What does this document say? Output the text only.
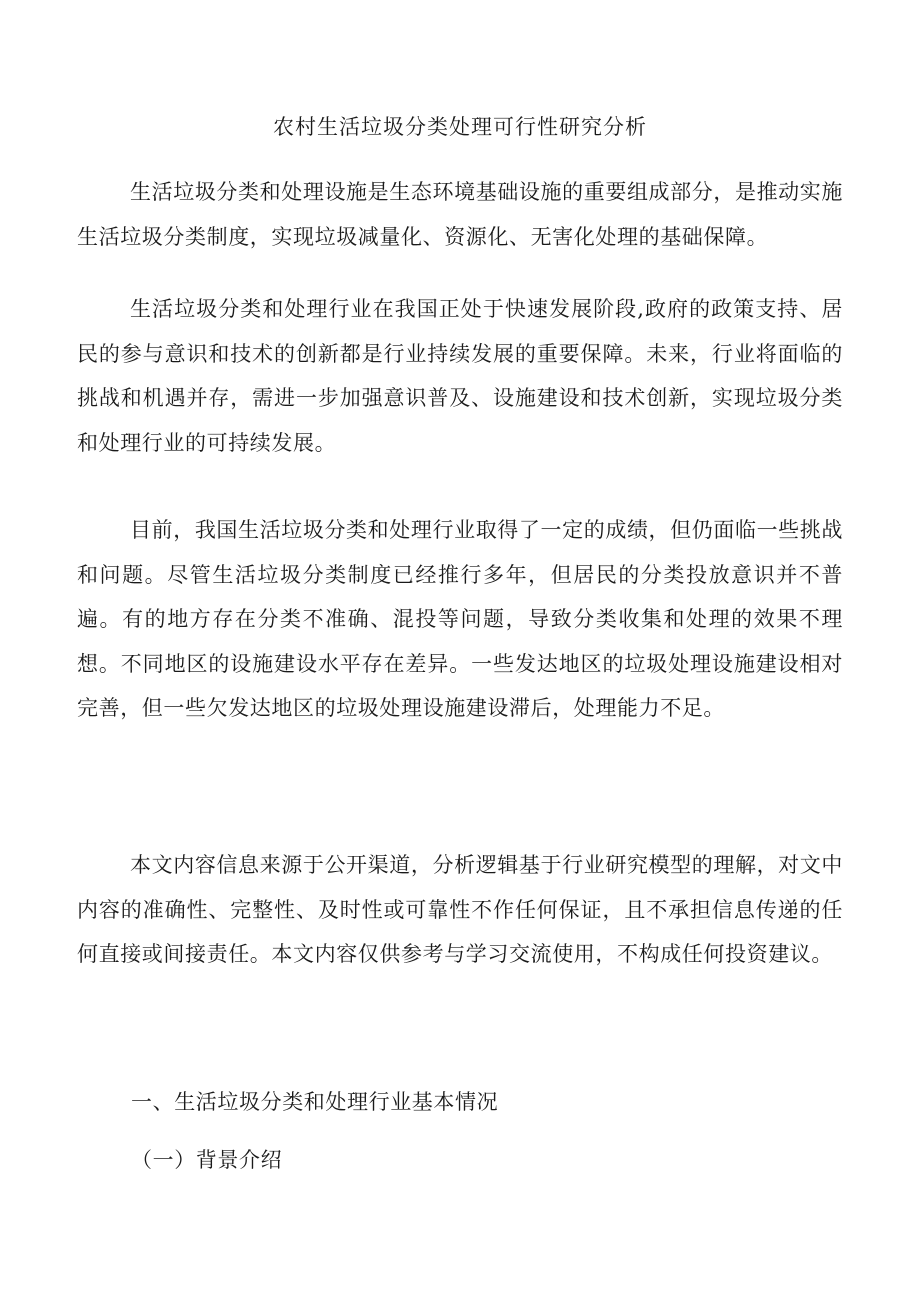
农村生活垃圾分类处理可行性研究分析

生活垃圾分类和处理设施是生态环境基础设施的重要组成部分，是推动实施生活垃圾分类制度，实现垃圾减量化、资源化、无害化处理的基础保障。

生活垃圾分类和处理行业在我国正处于快速发展阶段,政府的政策支持、居民的参与意识和技术的创新都是行业持续发展的重要保障。未来，行业将面临的挑战和机遇并存，需进一步加强意识普及、设施建设和技术创新，实现垃圾分类和处理行业的可持续发展。

目前，我国生活垃圾分类和处理行业取得了一定的成绩，但仍面临一些挑战和问题。尽管生活垃圾分类制度已经推行多年，但居民的分类投放意识并不普遍。有的地方存在分类不准确、混投等问题，导致分类收集和处理的效果不理想。不同地区的设施建设水平存在差异。一些发达地区的垃圾处理设施建设相对完善，但一些欠发达地区的垃圾处理设施建设滞后，处理能力不足。

本文内容信息来源于公开渠道，分析逻辑基于行业研究模型的理解，对文中内容的准确性、完整性、及时性或可靠性不作任何保证，且不承担信息传递的任何直接或间接责任。本文内容仅供参考与学习交流使用，不构成任何投资建议。

一、生活垃圾分类和处理行业基本情况
（一）背景介绍
